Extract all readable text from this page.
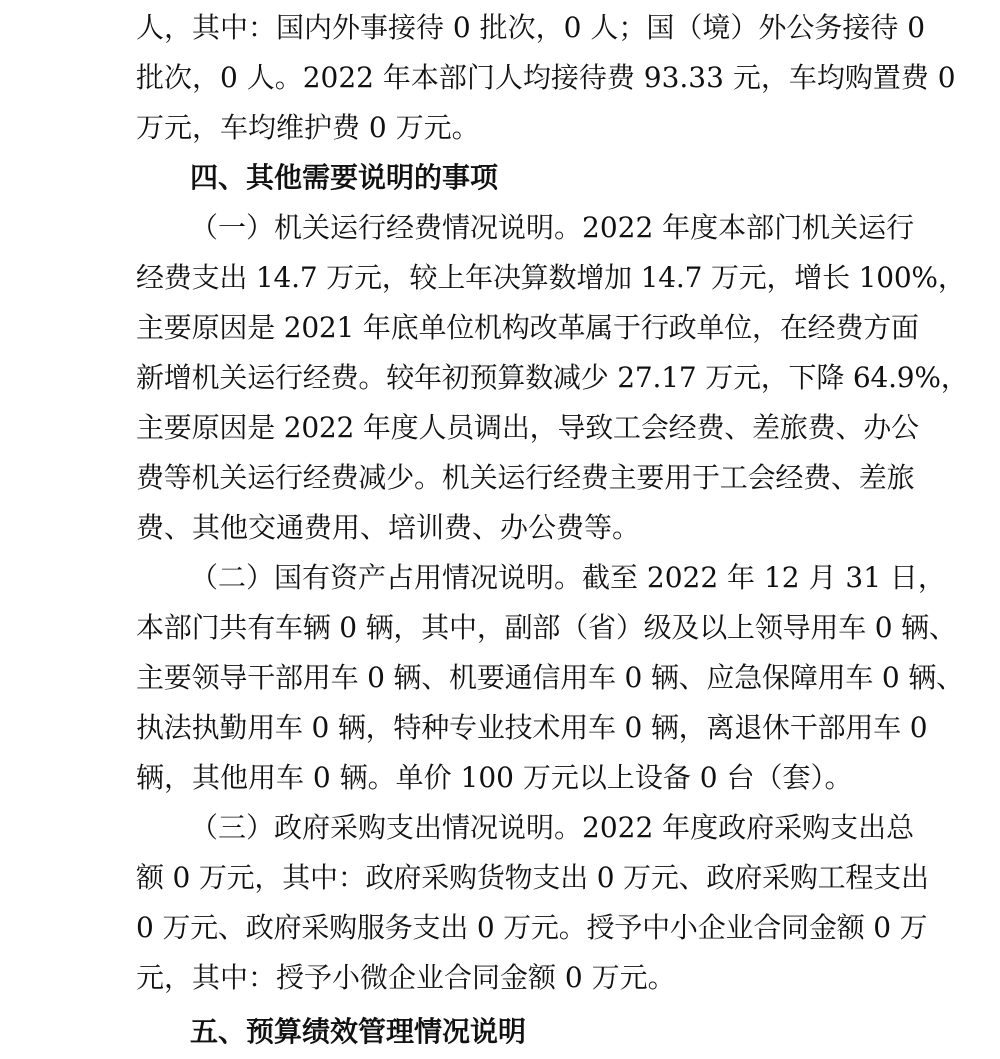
人，其中：国内外事接待 0 批次，0 人；国（境）外公务接待 0
批次，0 人。2022 年本部门人均接待费 93.33 元，车均购置费 0
万元，车均维护费 0 万元。
四、其他需要说明的事项
（一）机关运行经费情况说明。2022 年度本部门机关运行
经费支出 14.7 万元，较上年决算数增加 14.7 万元，增长 100%，
主要原因是 2021 年底单位机构改革属于行政单位，在经费方面
新增机关运行经费。较年初预算数减少 27.17 万元，下降 64.9%，
主要原因是 2022 年度人员调出，导致工会经费、差旅费、办公
费等机关运行经费减少。机关运行经费主要用于工会经费、差旅
费、其他交通费用、培训费、办公费等。
（二）国有资产占用情况说明。截至 2022 年 12 月 31 日，
本部门共有车辆 0 辆，其中，副部（省）级及以上领导用车 0 辆、
主要领导干部用车 0 辆、机要通信用车 0 辆、应急保障用车 0 辆、
执法执勤用车 0 辆，特种专业技术用车 0 辆，离退休干部用车 0
辆，其他用车 0 辆。单价 100 万元以上设备 0 台（套）。
（三）政府采购支出情况说明。2022 年度政府采购支出总
额 0 万元，其中：政府采购货物支出 0 万元、政府采购工程支出
0 万元、政府采购服务支出 0 万元。授予中小企业合同金额 0 万
元，其中：授予小微企业合同金额 0 万元。
五、预算绩效管理情况说明
